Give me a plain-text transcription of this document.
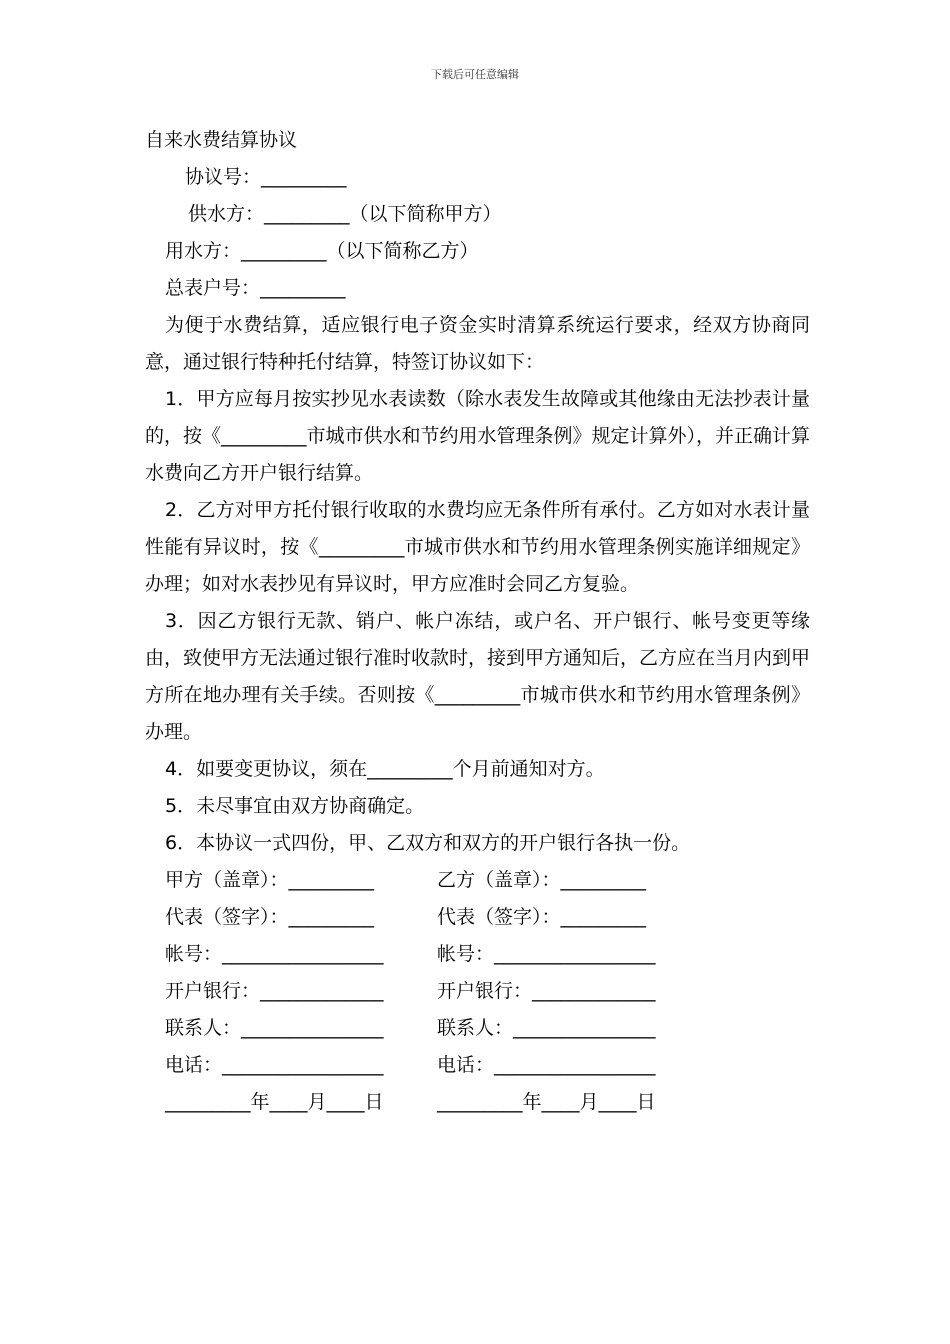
下载后可任意编辑
自来水费结算协议
协议号：_________
供水方：_________（以下简称甲方）
用水方：_________（以下简称乙方）
总表户号：_________
为便于水费结算，适应银行电子资金实时清算系统运行要求，经双方协商同意，通过银行特种托付结算，特签订协议如下：
1．甲方应每月按实抄见水表读数（除水表发生故障或其他缘由无法抄表计量的，按《_________市城市供水和节约用水管理条例》规定计算外），并正确计算水费向乙方开户银行结算。
2．乙方对甲方托付银行收取的水费均应无条件所有承付。乙方如对水表计量性能有异议时，按《_________市城市供水和节约用水管理条例实施详细规定》办理；如对水表抄见有异议时，甲方应准时会同乙方复验。
3．因乙方银行无款、销户、帐户冻结，或户名、开户银行、帐号变更等缘由，致使甲方无法通过银行准时收款时，接到甲方通知后，乙方应在当月内到甲方所在地办理有关手续。否则按《_________市城市供水和节约用水管理条例》办理。
4．如要变更协议，须在_________个月前通知对方。
5．未尽事宜由双方协商确定。
6．本协议一式四份，甲、乙双方和双方的开户银行各执一份。
甲方（盖章）：_________	乙方（盖章）：_________
代表（签字）：_________	代表（签字）：_________
帐号：_________________	帐号：_________________
开户银行：_____________	开户银行：_____________
联系人：_______________	联系人：_______________
电话：_________________	电话：_________________
_________年____月____日	_________年____月____日
